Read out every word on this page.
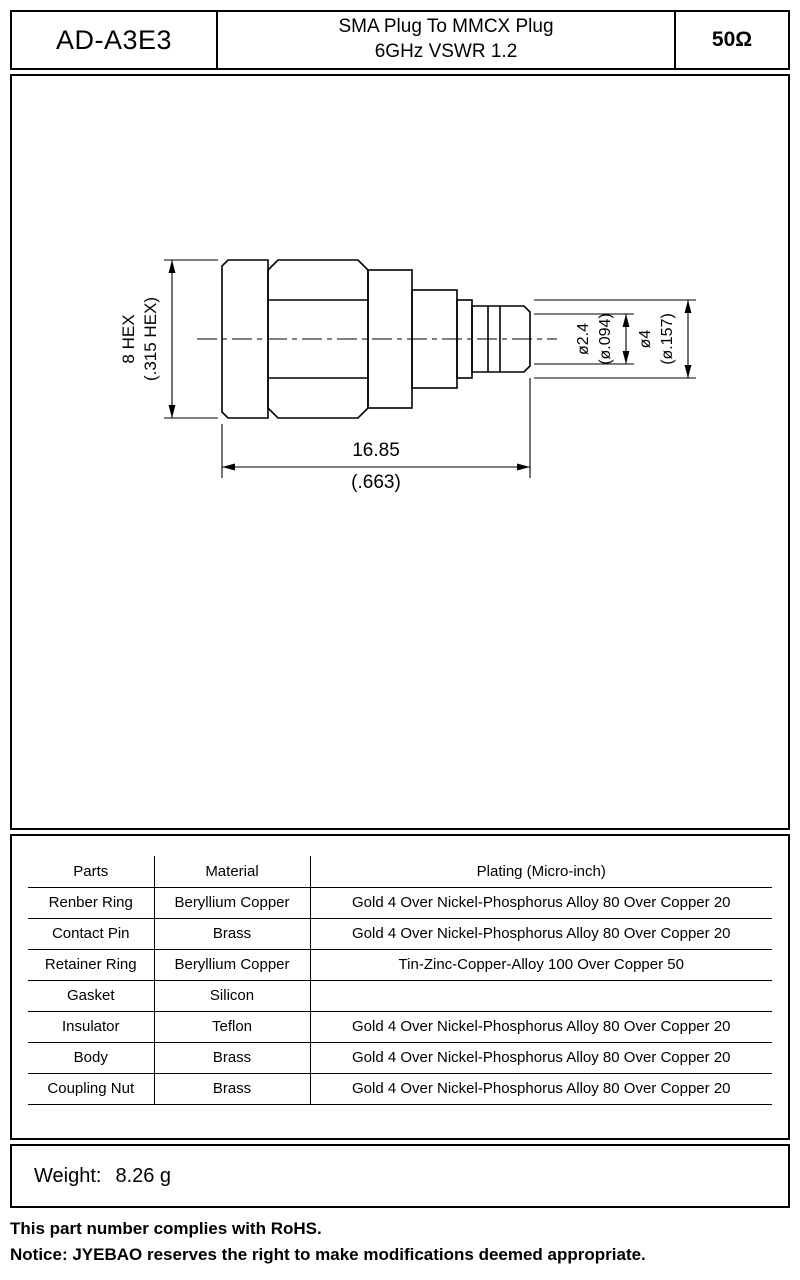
AD-A3E3	SMA Plug To MMCX Plug
6GHz VSWR 1.2
50Ω
8 HEX (.315 HEX)
16.85
(.663)
ø2.4 (ø.094) ø4 (ø.157)
Parts	Material	Plating (Micro-inch)
Renber Ring	Beryllium Copper	Gold 4 Over Nickel-Phosphorus Alloy 80 Over Copper 20
Contact Pin	Brass	Gold 4 Over Nickel-Phosphorus Alloy 80 Over Copper 20
Retainer Ring	Beryllium Copper	Tin-Zinc-Copper-Alloy 100 Over Copper 50
Gasket	Silicon	
Insulator	Teflon	Gold 4 Over Nickel-Phosphorus Alloy 80 Over Copper 20
Body	Brass	Gold 4 Over Nickel-Phosphorus Alloy 80 Over Copper 20
Coupling Nut	Brass	Gold 4 Over Nickel-Phosphorus Alloy 80 Over Copper 20
Weight: 8.26 g
This part number complies with RoHS.
Notice: JYEBAO reserves the right to make modifications deemed appropriate.
